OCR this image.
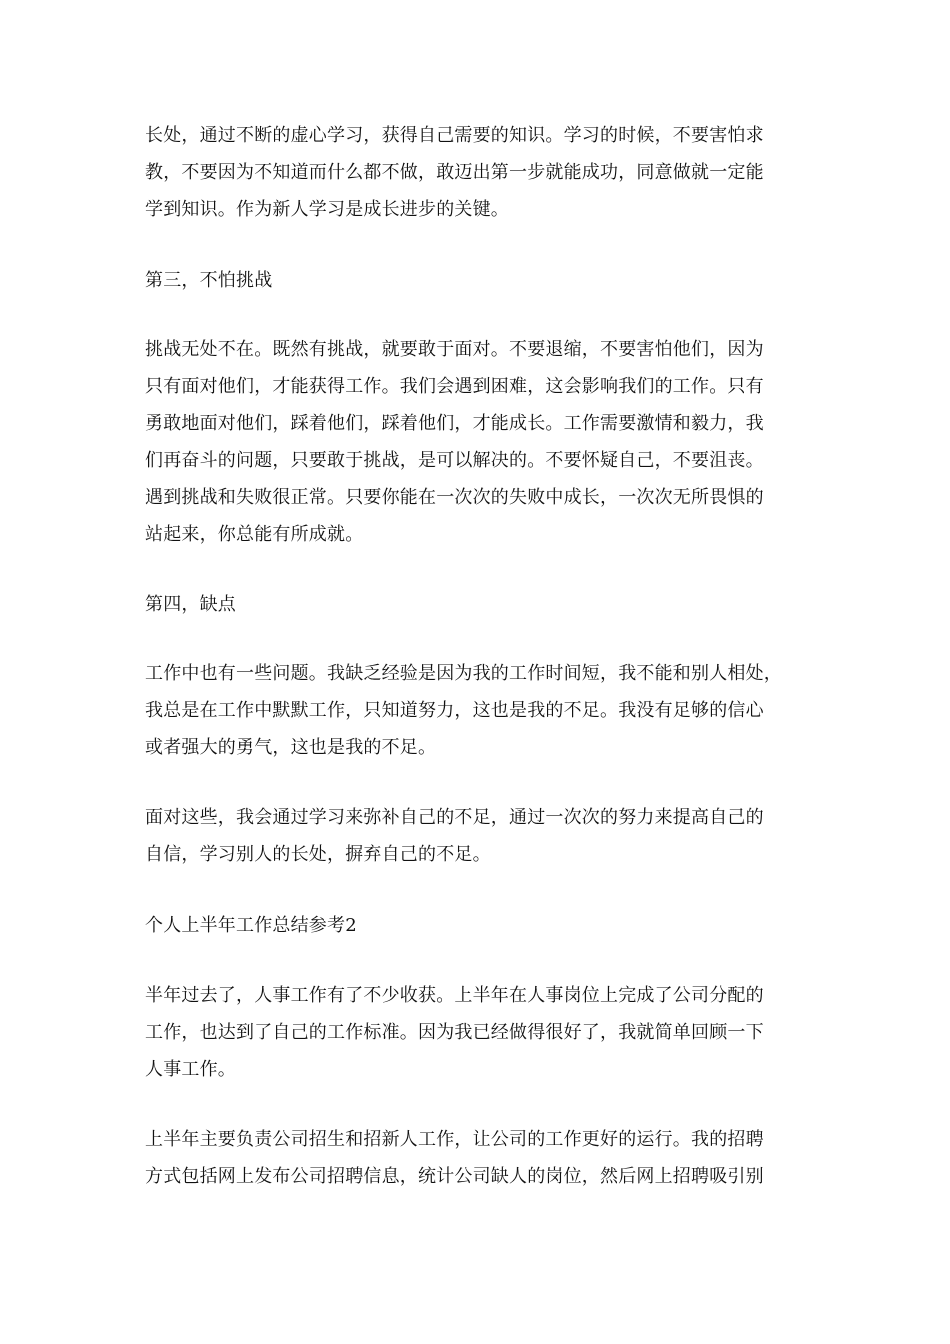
长处，通过不断的虚心学习，获得自己需要的知识。学习的时候，不要害怕求
教，不要因为不知道而什么都不做，敢迈出第一步就能成功，同意做就一定能
学到知识。作为新人学习是成长进步的关键。
第三，不怕挑战
挑战无处不在。既然有挑战，就要敢于面对。不要退缩，不要害怕他们，因为
只有面对他们，才能获得工作。我们会遇到困难，这会影响我们的工作。只有
勇敢地面对他们，踩着他们，踩着他们，才能成长。工作需要激情和毅力，我
们再奋斗的问题，只要敢于挑战，是可以解决的。不要怀疑自己，不要沮丧。
遇到挑战和失败很正常。只要你能在一次次的失败中成长，一次次无所畏惧的
站起来，你总能有所成就。
第四，缺点
工作中也有一些问题。我缺乏经验是因为我的工作时间短，我不能和别人相处，
我总是在工作中默默工作，只知道努力，这也是我的不足。我没有足够的信心
或者强大的勇气，这也是我的不足。
面对这些，我会通过学习来弥补自己的不足，通过一次次的努力来提高自己的
自信，学习别人的长处，摒弃自己的不足。
个人上半年工作总结参考2
半年过去了，人事工作有了不少收获。上半年在人事岗位上完成了公司分配的
工作，也达到了自己的工作标准。因为我已经做得很好了，我就简单回顾一下
人事工作。
上半年主要负责公司招生和招新人工作，让公司的工作更好的运行。我的招聘
方式包括网上发布公司招聘信息，统计公司缺人的岗位，然后网上招聘吸引别
